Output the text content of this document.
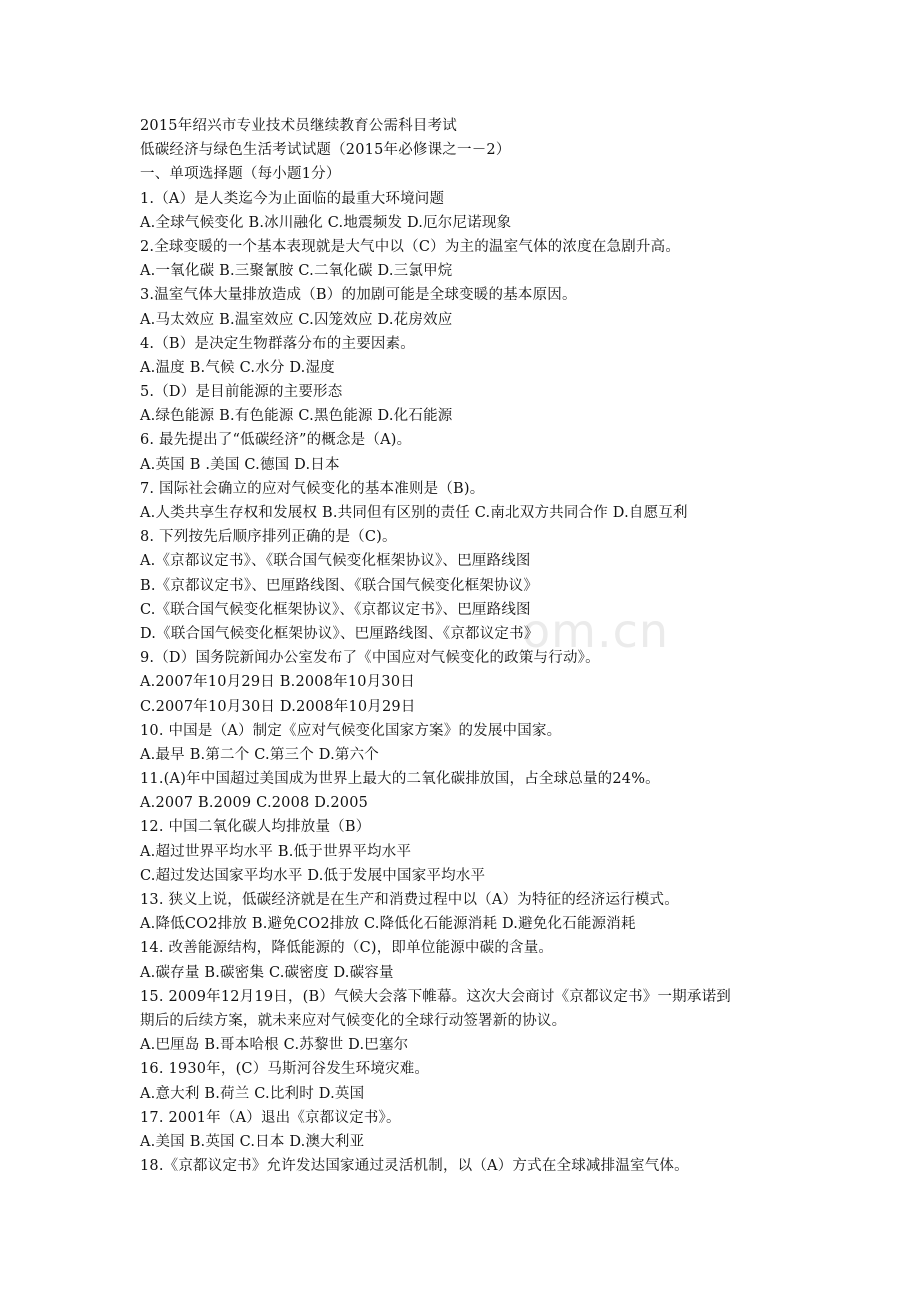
om.cn
2015年绍兴市专业技术员继续教育公需科目考试
低碳经济与绿色生活考试试题（2015年必修课之一－2）
一、单项选择题（每小题1分）
1.（A）是人类迄今为止面临的最重大环境问题
A.全球气候变化 B.冰川融化 C.地震频发 D.厄尔尼诺现象
2.全球变暖的一个基本表现就是大气中以（C）为主的温室气体的浓度在急剧升高。
A.一氧化碳 B.三聚氰胺 C.二氧化碳 D.三氯甲烷
3.温室气体大量排放造成（B）的加剧可能是全球变暖的基本原因。
A.马太效应 B.温室效应 C.囚笼效应 D.花房效应
4.（B）是决定生物群落分布的主要因素。
A.温度 B.气候 C.水分 D.湿度
5.（D）是目前能源的主要形态
A.绿色能源 B.有色能源 C.黑色能源 D.化石能源
6. 最先提出了“低碳经济”的概念是（A)。
A.英国 B .美国 C.德国 D.日本
7. 国际社会确立的应对气候变化的基本准则是（B)。
A.人类共享生存权和发展权 B.共同但有区别的责任 C.南北双方共同合作 D.自愿互利
8. 下列按先后顺序排列正确的是（C)。
A.《京都议定书》、《联合国气候变化框架协议》、巴厘路线图
B.《京都议定书》、巴厘路线图、《联合国气候变化框架协议》
C.《联合国气候变化框架协议》、《京都议定书》、巴厘路线图
D.《联合国气候变化框架协议》、巴厘路线图、《京都议定书》
9.（D）国务院新闻办公室发布了《中国应对气候变化的政策与行动》。
A.2007年10月29日 B.2008年10月30日
C.2007年10月30日 D.2008年10月29日
10. 中国是（A）制定《应对气候变化国家方案》的发展中国家。
A.最早 B.第二个 C.第三个 D.第六个
11.(A)年中国超过美国成为世界上最大的二氧化碳排放国，占全球总量的24%。
A.2007 B.2009 C.2008 D.2005
12. 中国二氧化碳人均排放量（B）
A.超过世界平均水平 B.低于世界平均水平
C.超过发达国家平均水平 D.低于发展中国家平均水平
13. 狭义上说，低碳经济就是在生产和消费过程中以（A）为特征的经济运行模式。
A.降低CO2排放 B.避免CO2排放 C.降低化石能源消耗 D.避免化石能源消耗
14. 改善能源结构，降低能源的（C)，即单位能源中碳的含量。
A.碳存量 B.碳密集 C.碳密度 D.碳容量
15. 2009年12月19日，(B）气候大会落下帷幕。这次大会商讨《京都议定书》一期承诺到
期后的后续方案，就未来应对气候变化的全球行动签署新的协议。
A.巴厘岛 B.哥本哈根 C.苏黎世 D.巴塞尔
16. 1930年，(C）马斯河谷发生环境灾难。
A.意大利 B.荷兰 C.比利时 D.英国
17. 2001年（A）退出《京都议定书》。
A.美国 B.英国 C.日本 D.澳大利亚
18.《京都议定书》允许发达国家通过灵活机制，以（A）方式在全球减排温室气体。
